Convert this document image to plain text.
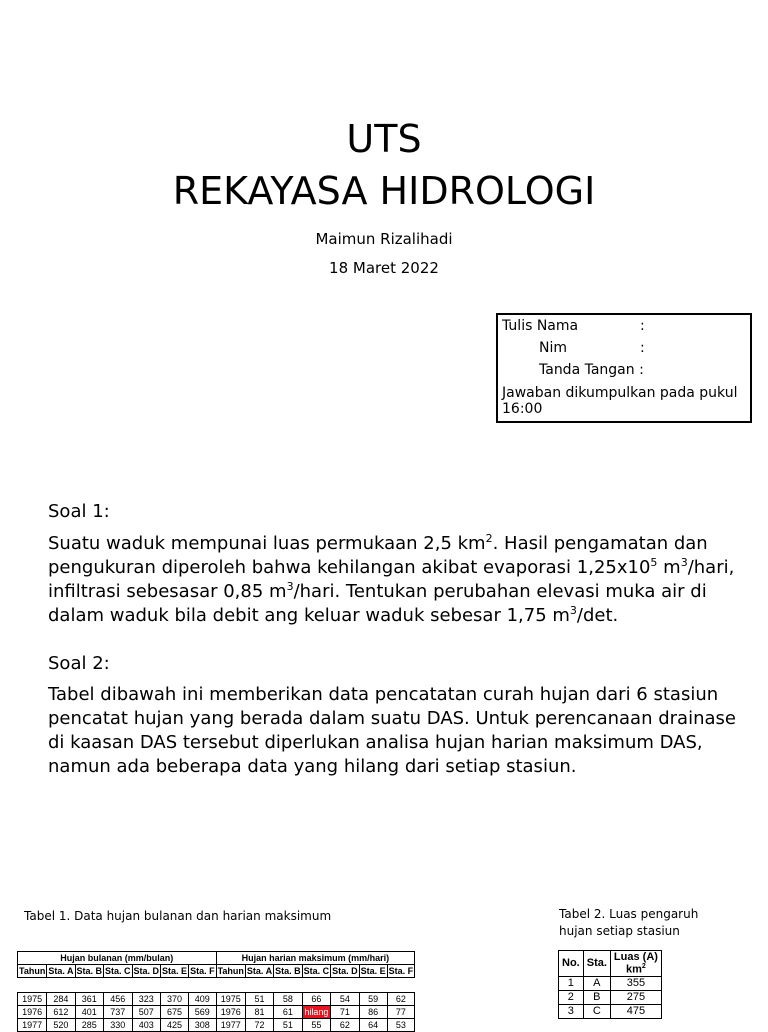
UTS
REKAYASA HIDROLOGI
Maimun Rizalihadi
18 Maret 2022
Tulis Nama	:
Nim	:
Tanda Tangan :
Jawaban dikumpulkan pada pukul 16:00
Soal 1:
Suatu waduk mempunai luas permukaan 2,5 $km^2$. Hasil pengamatan dan pengukuran diperoleh bahwa kehilangan akibat evaporasi $1,25x10^5$ $m^3$/hari, infiltrasi sebesasar 0,85 $m^3$/hari. Tentukan perubahan elevasi muka air di dalam waduk bila debit ang keluar waduk sebesar 1,75 $m^3/\det$.
Soal 2:
Tabel dibawah ini memberikan data pencatatan curah hujan dari 6 stasiun pencatat hujan yang berada dalam suatu DAS. Untuk perencanaan drainase di kaasan DAS tersebut diperlukan analisa hujan harian maksimum DAS, namun ada beberapa data yang hilang dari setiap stasiun.
Tabel 1. Data hujan bulanan dan harian maksimum
Hujan bulanan (mm/bulan)							Hujan harian maksimum (mm/hari)						
Tahun	Sta. A	Sta. B	Sta. C	Sta. D	Sta. E	Sta. F	Tahun	Sta. A	Sta. B	Sta. C	Sta. D	Sta. E	Sta. F

1975	284	361	456	323	370	409	1975	51	58	66	54	59	62
1976	612	401	737	507	675	569	1976	81	61	hilang	71	86	77
1977	520	285	330	403	425	308	1977	72	51	55	62	64	53
Tabel 2. Luas pengaruh
hujan setiap stasiun
No.	Sta.	Luas (A)
$km^2$
1	A	355
2	B	275
3	C	475
